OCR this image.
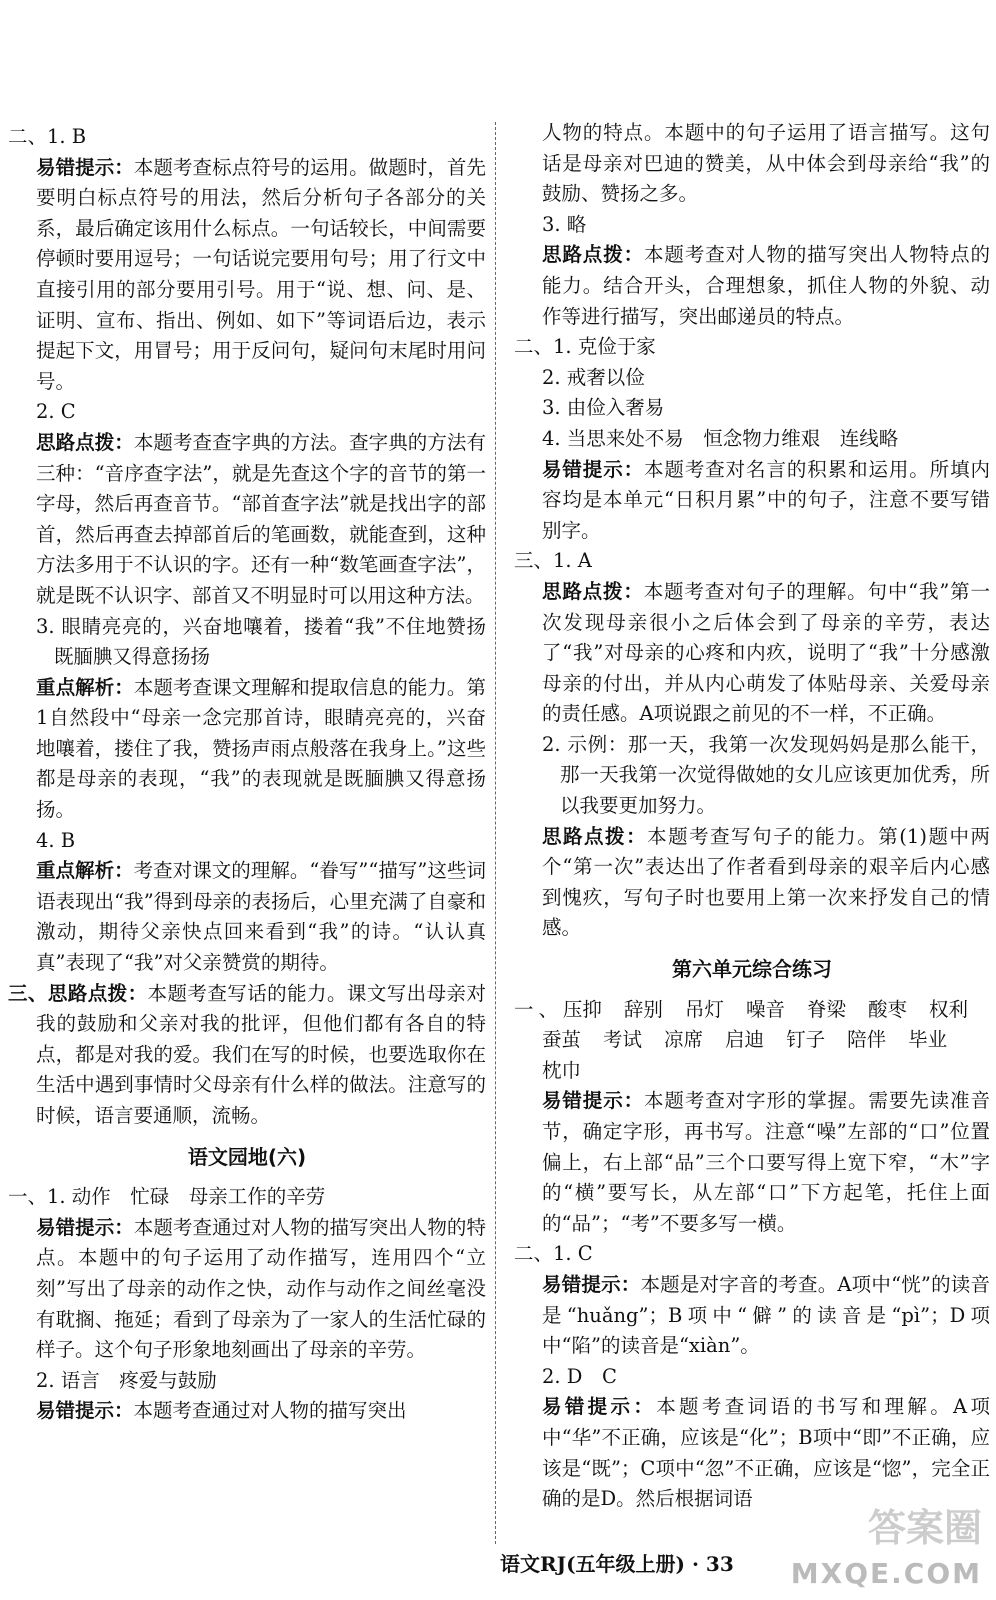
二、1. B

易错提示：本题考查标点符号的运用。做题时，首先要明白标点符号的用法，然后分析句子各部分的关系，最后确定该用什么标点。一句话较长，中间需要停顿时要用逗号；一句话说完要用句号；用了行文中直接引用的部分要用引号。用于“说、想、问、是、证明、宣布、指出、例如、如下”等词语后边，表示提起下文，用冒号；用于反问句，疑问句末尾时用问号。

2. C

思路点拨：本题考查查字典的方法。查字典的方法有三种：“音序查字法”，就是先查这个字的音节的第一字母，然后再查音节。“部首查字法”就是找出字的部首，然后再查去掉部首后的笔画数，就能查到，这种方法多用于不认识的字。还有一种“数笔画查字法”，就是既不认识字、部首又不明显时可以用这种方法。

3. 眼睛亮亮的，兴奋地嚷着，搂着“我”不住地赞扬　既腼腆又得意扬扬

重点解析：本题考查课文理解和提取信息的能力。第1自然段中“母亲一念完那首诗，眼睛亮亮的，兴奋地嚷着，搂住了我，赞扬声雨点般落在我身上。”这些都是母亲的表现，“我”的表现就是既腼腆又得意扬扬。

4. B

重点解析：考查对课文的理解。“眷写”“描写”这些词语表现出“我”得到母亲的表扬后，心里充满了自豪和激动，期待父亲快点回来看到“我”的诗。“认认真真”表现了“我”对父亲赞赏的期待。

三、思路点拨：本题考查写话的能力。课文写出母亲对我的鼓励和父亲对我的批评，但他们都有各自的特点，都是对我的爱。我们在写的时候，也要选取你在生活中遇到事情时父母亲有什么样的做法。注意写的时候，语言要通顺，流畅。

语文园地(六)

一、1. 动作　忙碌　母亲工作的辛劳

易错提示：本题考查通过对人物的描写突出人物的特点。本题中的句子运用了动作描写，连用四个“立刻”写出了母亲的动作之快，动作与动作之间丝毫没有耽搁、拖延；看到了母亲为了一家人的生活忙碌的样子。这个句子形象地刻画出了母亲的辛劳。

2. 语言　疼爱与鼓励

易错提示：本题考查通过对人物的描写突出

人物的特点。本题中的句子运用了语言描写。这句话是母亲对巴迪的赞美，从中体会到母亲给“我”的鼓励、赞扬之多。

3. 略

思路点拨：本题考查对人物的描写突出人物特点的能力。结合开头，合理想象，抓住人物的外貌、动作等进行描写，突出邮递员的特点。

二、1. 克俭于家

2. 戒奢以俭

3. 由俭入奢易

4. 当思来处不易　恒念物力维艰　连线略

易错提示：本题考查对名言的积累和运用。所填内容均是本单元“日积月累”中的句子，注意不要写错别字。

三、1. A

思路点拨：本题考查对句子的理解。句中“我”第一次发现母亲很小之后体会到了母亲的辛劳，表达了“我”对母亲的心疼和内疚，说明了“我”十分感激母亲的付出，并从内心萌发了体贴母亲、关爱母亲的责任感。A项说跟之前见的不一样，不正确。

2. 示例：那一天，我第一次发现妈妈是那么能干，那一天我第一次觉得做她的女儿应该更加优秀，所以我要更加努力。

思路点拨：本题考查写句子的能力。第(1)题中两个“第一次”表达出了作者看到母亲的艰辛后内心感到愧疚，写句子时也要用上第一次来抒发自己的情感。

第六单元综合练习
一、压抑 辞别 吊灯 噪音 脊梁 酸枣 权利蚕茧 考试 凉席 启迪 钉子 陪伴 毕业枕巾

易错提示：本题考查对字形的掌握。需要先读准音节，确定字形，再书写。注意“噪”左部的“口”位置偏上，右上部“品”三个口要写得上宽下窄，“木”字的“横”要写长，从左部“口”下方起笔，托住上面的“品”；“考”不要多写一横。

二、1. C

易错提示：本题是对字音的考查。A项中“恍”的读音是“huǎng”；B项中“僻”的读音是“pì”；D项中“陷”的读音是“xiàn”。

2. D　C

易错提示：本题考查词语的书写和理解。A项中“华”不正确，应该是“化”；B项中“即”不正确，应该是“既”；C项中“忽”不正确，应该是“惚”，完全正确的是D。然后根据词语

语文RJ(五年级上册) · 33
答案圈
MXQE.COM
